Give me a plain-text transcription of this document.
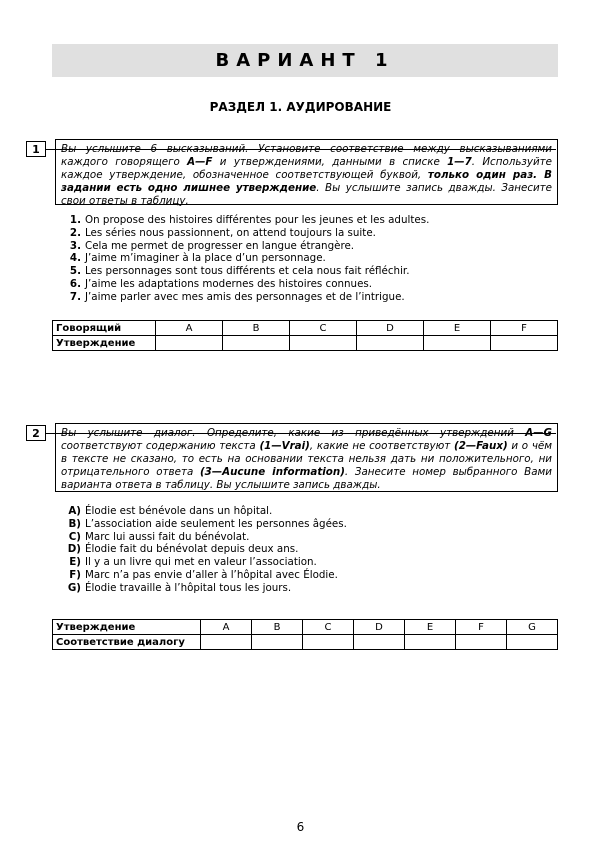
ВАРИАНТ 1
РАЗДЕЛ 1. АУДИРОВАНИЕ
1	Вы услышите 6 высказываний. Установите соответствие между высказываниями каждого говорящего A—F и утверждениями, данными в списке 1—7. Используйте каждое утверждение, обозначенное соответствующей буквой, только один раз. В задании есть одно лишнее утверждение. Вы услышите запись дважды. Занесите свои ответы в таблицу.
1. On propose des histoires différentes pour les jeunes et les adultes.
2. Les séries nous passionnent, on attend toujours la suite.
3. Cela me permet de progresser en langue étrangère.
4. J’aime m’imaginer à la place d’un personnage.
5. Les personnages sont tous différents et cela nous fait réfléchir.
6. J’aime les adaptations modernes des histoires connues.
7. J’aime parler avec mes amis des personnages et de l’intrigue.
Говорящий	A	B	C	D	E	F
Утверждение						
2	Вы услышите диалог. Определите, какие из приведённых утверждений A—G соответствуют содержанию текста (1—Vrai), какие не соответствуют (2—Faux) и о чём в тексте не сказано, то есть на основании текста нельзя дать ни положительного, ни отрицательного ответа (3—Aucune information). Занесите номер выбранного Вами варианта ответа в таблицу. Вы услышите запись дважды.
A) Élodie est bénévole dans un hôpital.
B) L’association aide seulement les personnes âgées.
C) Marc lui aussi fait du bénévolat.
D) Élodie fait du bénévolat depuis deux ans.
E) Il y a un livre qui met en valeur l’association.
F) Marc n’a pas envie d’aller à l’hôpital avec Élodie.
G) Élodie travaille à l’hôpital tous les jours.
Утверждение	A	B	C	D	E	F	G
Соответствие диалогу							
6
